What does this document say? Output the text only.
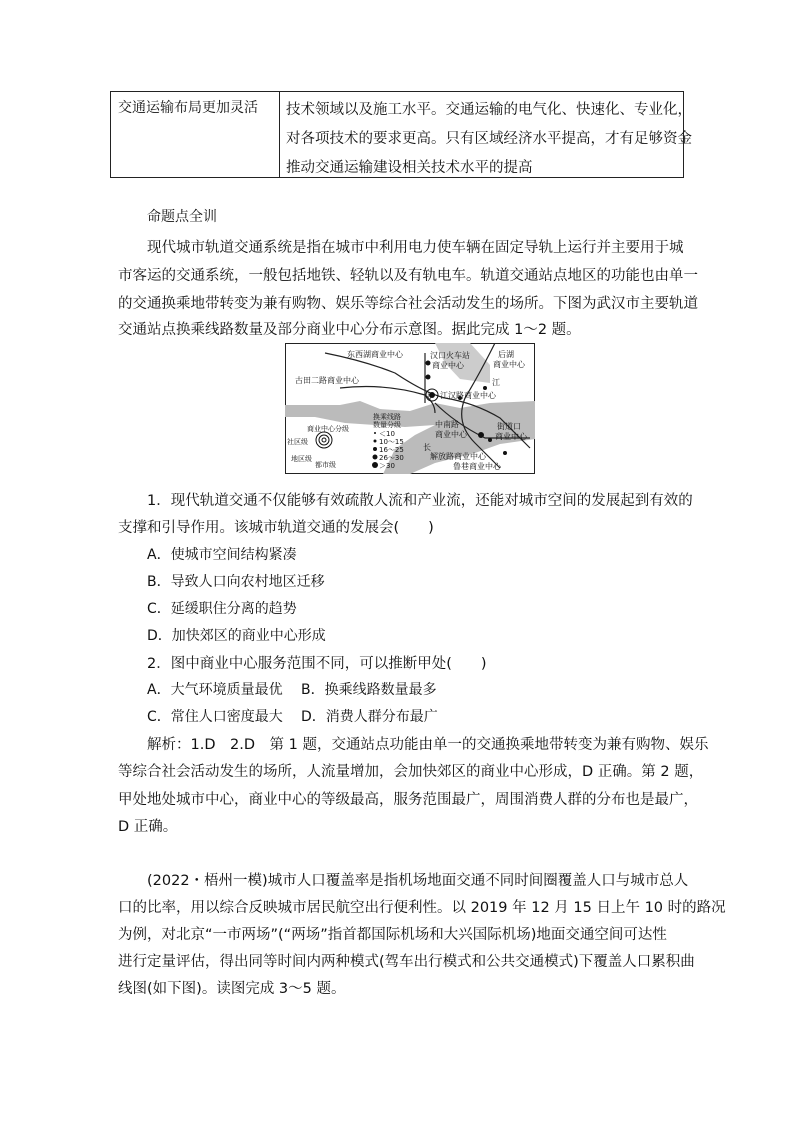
交通运输布局更加灵活 技术领域以及施工水平。交通运输的电气化、快速化、专业化，
对各项技术的要求更高。只有区域经济水平提高，才有足够资金
推动交通运输建设相关技术水平的提高
命题点全训
现代城市轨道交通系统是指在城市中利用电力使车辆在固定导轨上运行并主要用于城
市客运的交通系统，一般包括地铁、轻轨以及有轨电车。轨道交通站点地区的功能也由单一
的交通换乘地带转变为兼有购物、娱乐等综合社会活动发生的场所。下图为武汉市主要轨道
交通站点换乘线路数量及部分商业中心分布示意图。据此完成 1～2 题。
东西湖商业中心	汉口火车站
商业中心
后湖
商业中心
古田二路商业中心	江
甲 江汉路商业中心
换乘线路
数量分级
＜10
10～15
16～25
26～30
＞30
商业中心分级
社区级
地区级
都市级
中南路
商业中心
街道口
商业中心
长
解放路商业中心
鲁巷商业中心
1．现代轨道交通不仅能够有效疏散人流和产业流，还能对城市空间的发展起到有效的
支撑和引导作用。该城市轨道交通的发展会(　　)
A．使城市空间结构紧凑
B．导致人口向农村地区迁移
C．延缓职住分离的趋势
D．加快郊区的商业中心形成
2．图中商业中心服务范围不同，可以推断甲处(　　)
A．大气环境质量最优 B．换乘线路数量最多
C．常住人口密度最大 D．消费人群分布最广
解析：1.D　2.D　第 1 题，交通站点功能由单一的交通换乘地带转变为兼有购物、娱乐
等综合社会活动发生的场所，人流量增加，会加快郊区的商业中心形成，D 正确。第 2 题，
甲处地处城市中心，商业中心的等级最高，服务范围最广，周围消费人群的分布也是最广，
D 正确。
(2022・梧州一模)城市人口覆盖率是指机场地面交通不同时间圈覆盖人口与城市总人
口的比率，用以综合反映城市居民航空出行便利性。以 2019 年 12 月 15 日上午 10 时的路况
为例，对北京“一市两场”(“两场”指首都国际机场和大兴国际机场)地面交通空间可达性
进行定量评估，得出同等时间内两种模式(驾车出行模式和公共交通模式)下覆盖人口累积曲
线图(如下图)。读图完成 3～5 题。
